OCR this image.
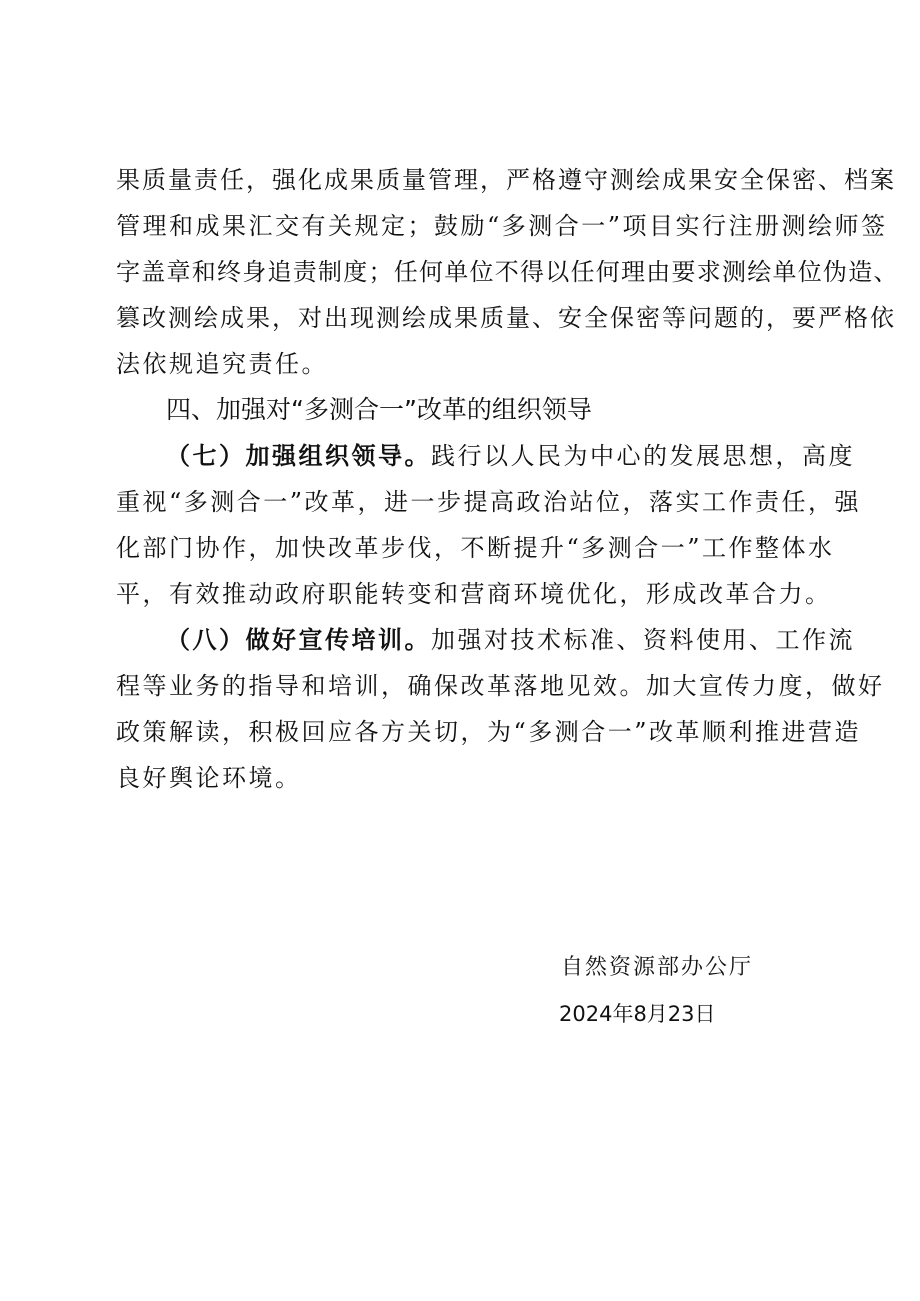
果质量责任，强化成果质量管理，严格遵守测绘成果安全保密、档案
管理和成果汇交有关规定；鼓励“多测合一”项目实行注册测绘师签
字盖章和终身追责制度；任何单位不得以任何理由要求测绘单位伪造、
篡改测绘成果，对出现测绘成果质量、安全保密等问题的，要严格依
法依规追究责任。
四、加强对“多测合一”改革的组织领导
（七）加强组织领导。践行以人民为中心的发展思想，高度
重视“多测合一”改革，进一步提高政治站位，落实工作责任，强
化部门协作，加快改革步伐，不断提升“多测合一”工作整体水
平，有效推动政府职能转变和营商环境优化，形成改革合力。
（八）做好宣传培训。加强对技术标准、资料使用、工作流
程等业务的指导和培训，确保改革落地见效。加大宣传力度，做好
政策解读，积极回应各方关切，为“多测合一”改革顺利推进营造
良好舆论环境。
自然资源部办公厅
2024年8月23日
